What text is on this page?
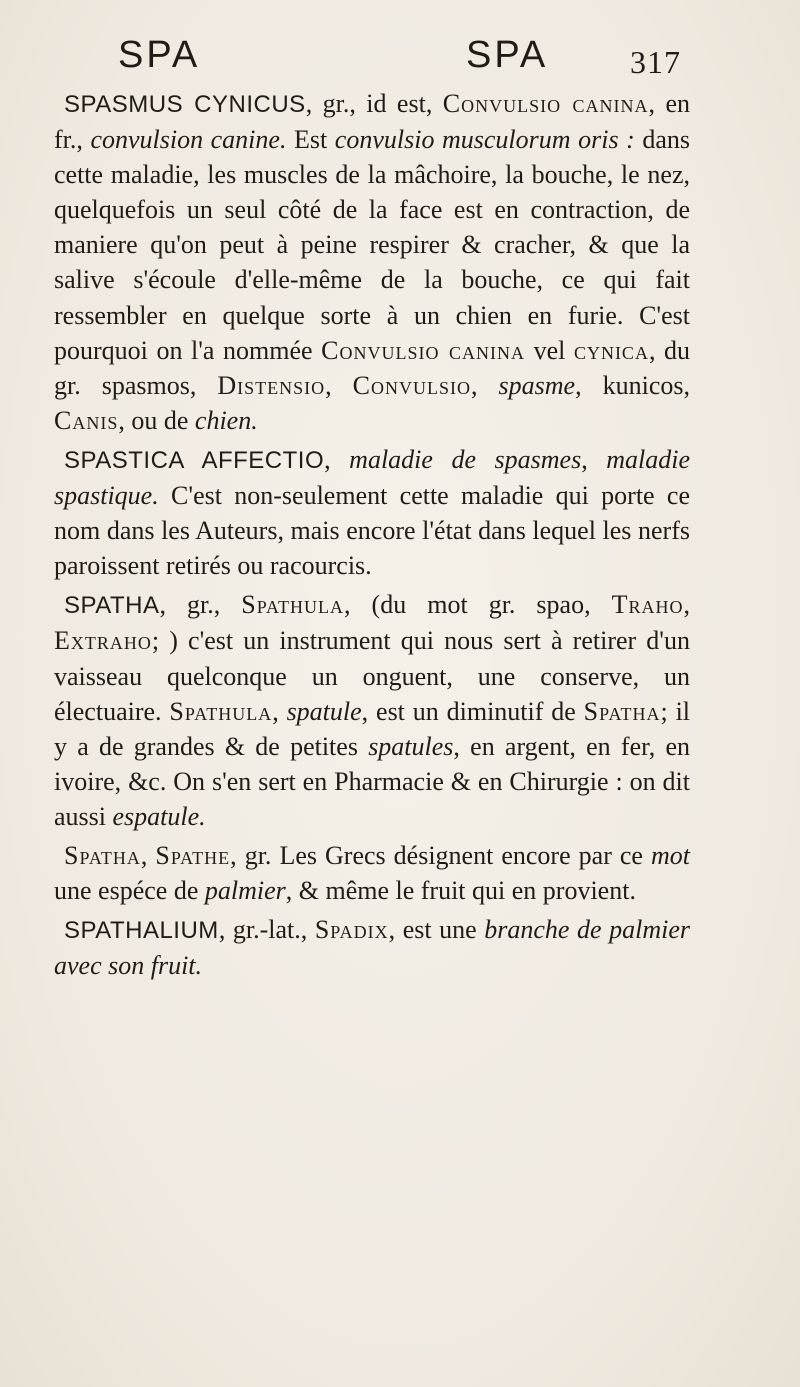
SPA	SPA	317

SPASMUS CYNICUS, gr., id est, Convulsio canina, en fr., convulsion canine. Est convulsio musculorum oris : dans cette maladie, les muscles de la mâchoire, la bouche, le nez, quelquefois un seul côté de la face est en contraction, de maniere qu'on peut à peine respirer & cracher, & que la salive s'écoule d'elle-même de la bouche, ce qui fait ressembler en quelque sorte à un chien en furie. C'est pourquoi on l'a nommée Convulsio canina vel cynica, du gr. spasmos, Distensio, Convulsio, spasme, kunicos, Canis, ou de chien.

SPASTICA AFFECTIO, maladie de spasmes, maladie spastique. C'est non-seulement cette maladie qui porte ce nom dans les Auteurs, mais encore l'état dans lequel les nerfs paroissent retirés ou racourcis.

SPATHA, gr., Spathula, (du mot gr. spao, Traho, Extraho; ) c'est un instrument qui nous sert à retirer d'un vaisseau quelconque un onguent, une conserve, un électuaire. Spathula, spatule, est un diminutif de Spatha; il y a de grandes & de petites spatules, en argent, en fer, en ivoire, &c. On s'en sert en Pharmacie & en Chirurgie : on dit aussi espatule.

Spatha, Spathe, gr. Les Grecs désignent encore par ce mot une espéce de palmier, & même le fruit qui en provient.

SPATHALIUM, gr.-lat., Spadix, est une branche de palmier avec son fruit.
